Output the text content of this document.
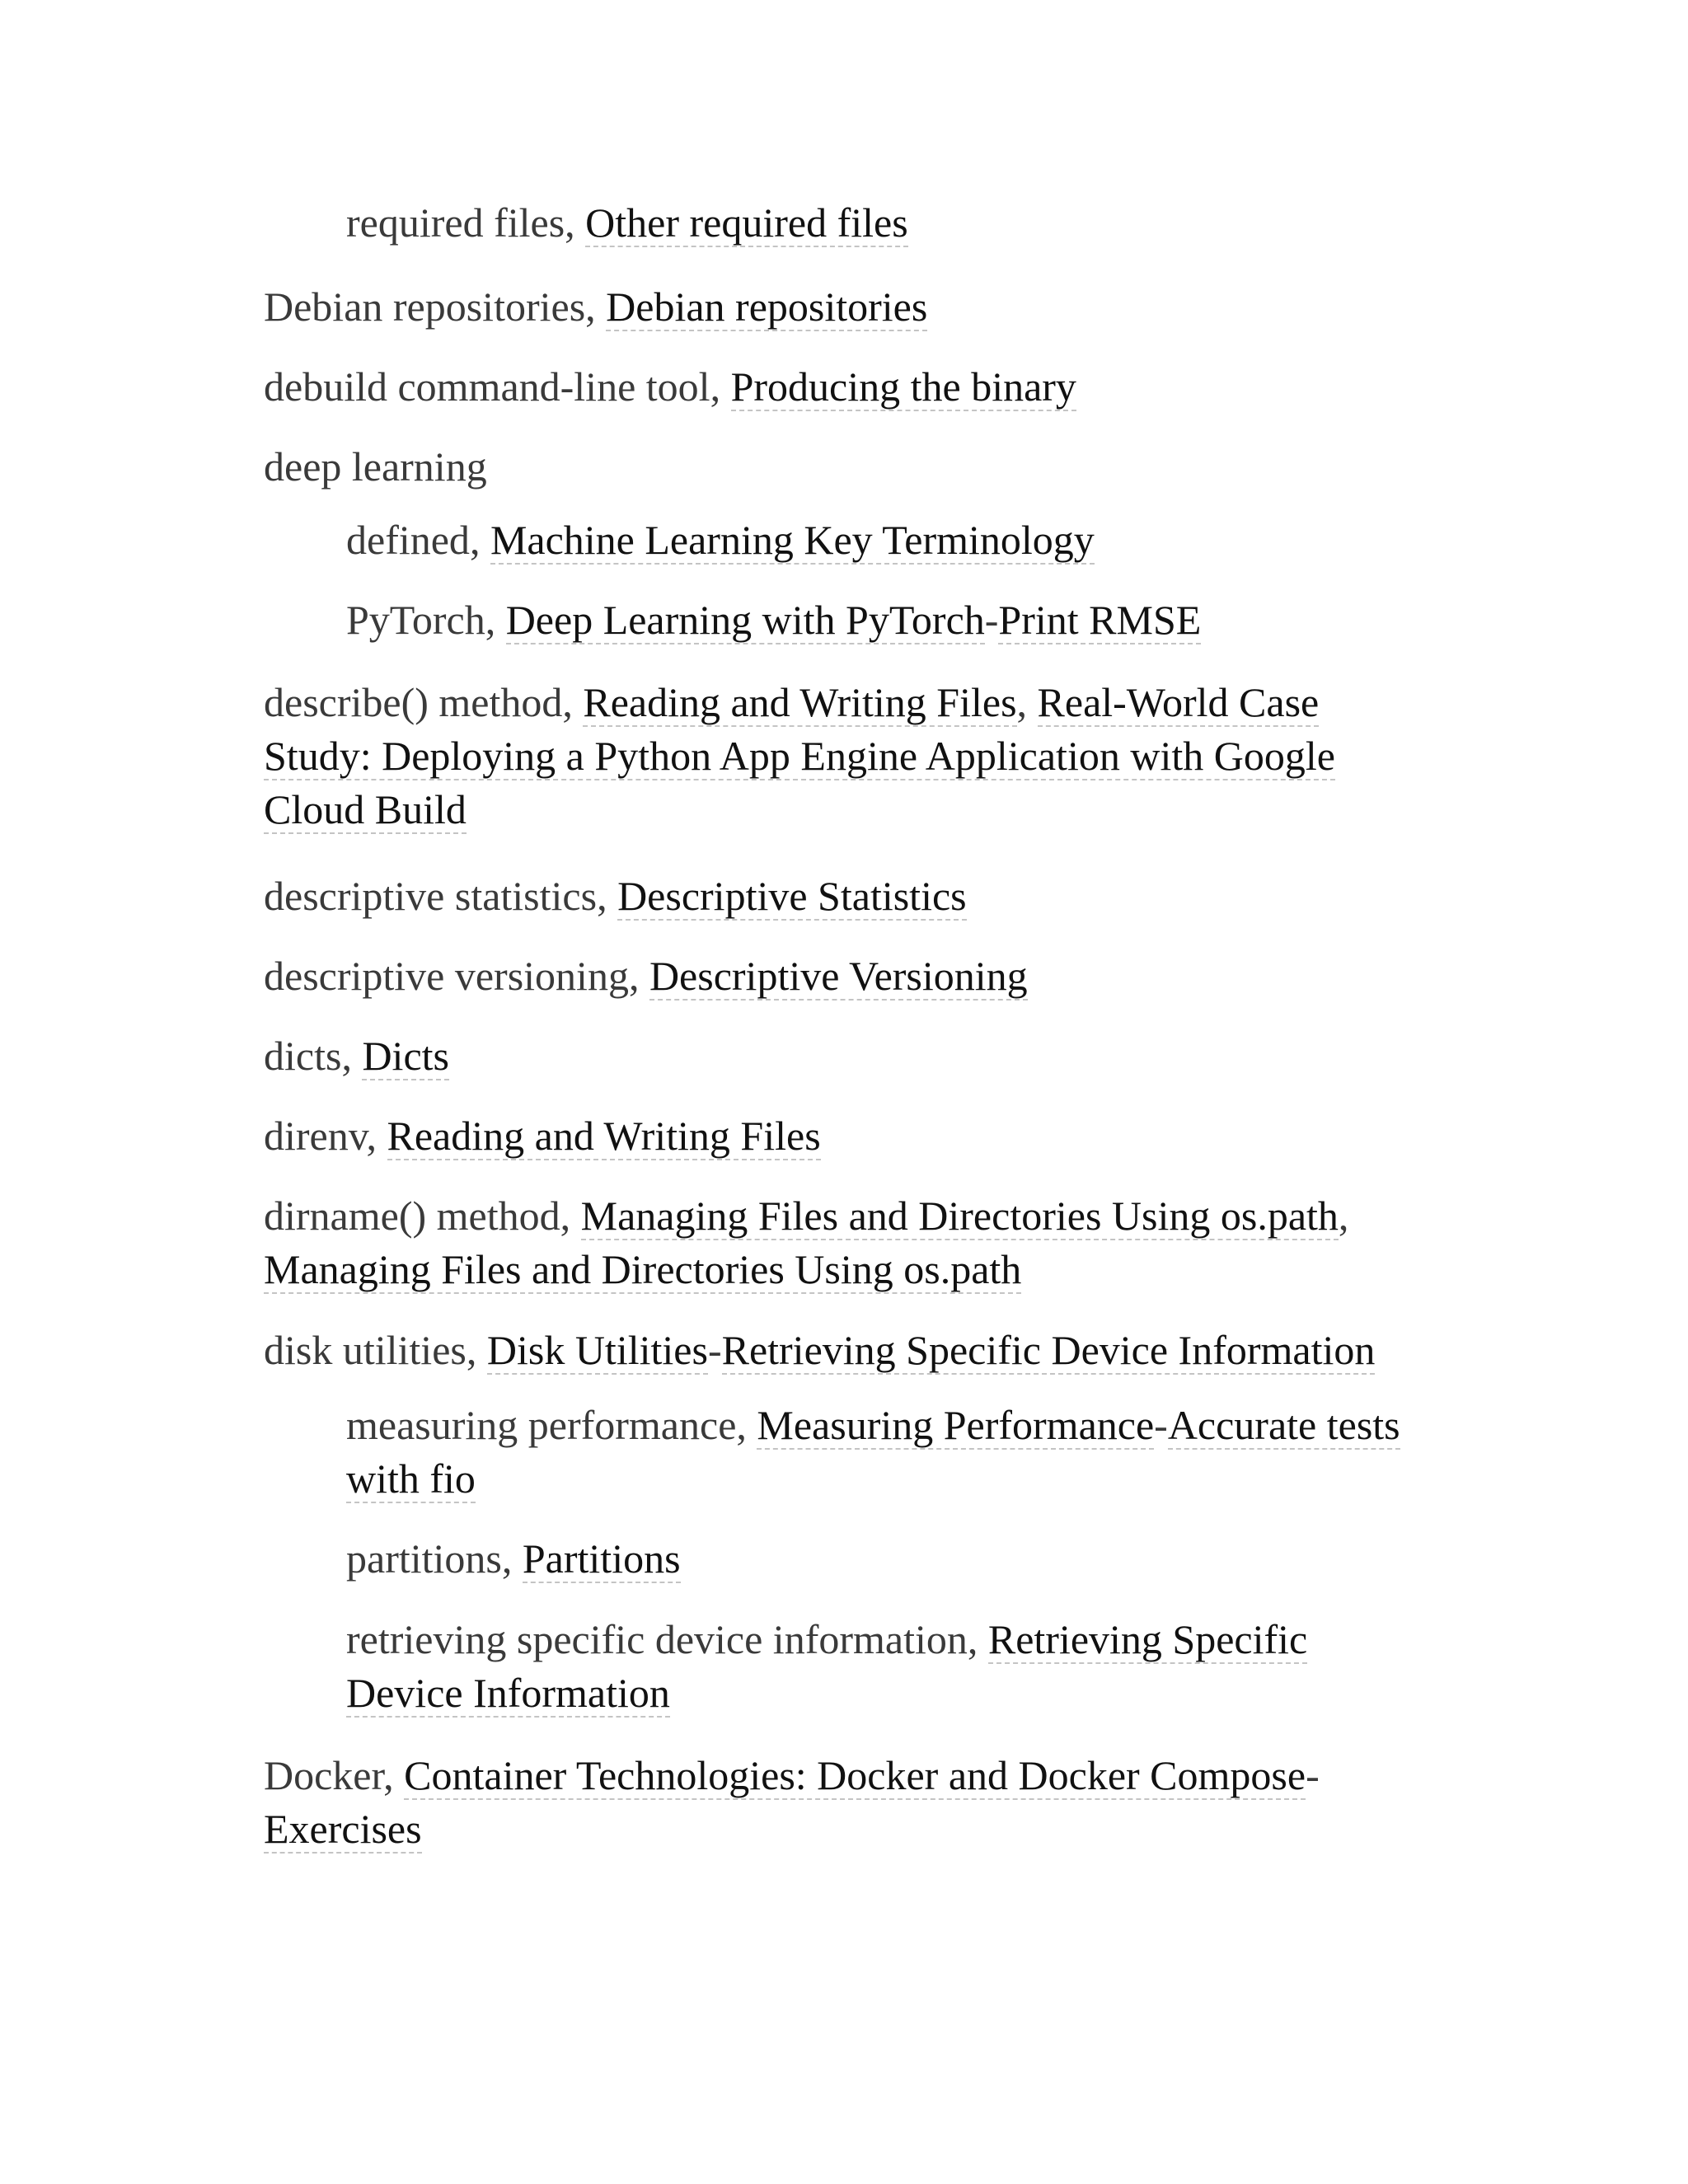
required files, Other required files
Debian repositories, Debian repositories
debuild command-line tool, Producing the binary
deep learning
defined, Machine Learning Key Terminology
PyTorch, Deep Learning with PyTorch-Print RMSE
describe() method, Reading and Writing Files, Real-World Case Study: Deploying a Python App Engine Application with Google Cloud Build
descriptive statistics, Descriptive Statistics
descriptive versioning, Descriptive Versioning
dicts, Dicts
direnv, Reading and Writing Files
dirname() method, Managing Files and Directories Using os.path, Managing Files and Directories Using os.path
disk utilities, Disk Utilities-Retrieving Specific Device Information
measuring performance, Measuring Performance-Accurate tests with fio
partitions, Partitions
retrieving specific device information, Retrieving Specific Device Information
Docker, Container Technologies: Docker and Docker Compose-Exercises
